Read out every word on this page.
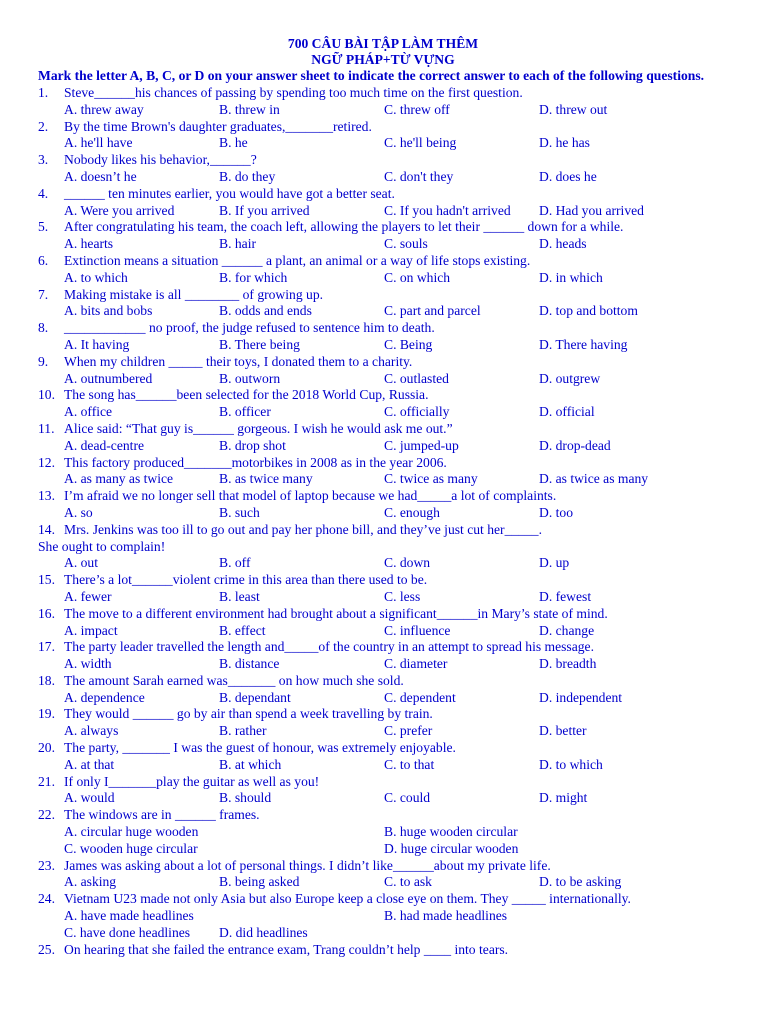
700 CÂU BÀI TẬP LÀM THÊM
NGỮ PHÁP+TỪ VỰNG
Mark the letter A, B, C, or D on your answer sheet to indicate the correct answer to each of the following questions.
1.	Steve______his chances of passing by spending too much time on the first question.
A. threw away	B. threw in	C. threw off	D. threw out
2.	By the time Brown's daughter graduates,_______retired.
A. he'll have	B. he	C. he'll being	D. he has
3.	Nobody likes his behavior,______?
A. doesn’t he	B. do they	C. don't they	D. does he
4.	______ ten minutes earlier, you would have got a better seat.
A. Were you arrived	B. If you arrived	C. If you hadn't arrived	D. Had you arrived
5.	After congratulating his team, the coach left, allowing the players to let their ______ down for a while.
A. hearts	B. hair	C. souls	D. heads
6.	Extinction means a situation ______ a plant, an animal or a way of life stops existing.
A. to which	B. for which	C. on which	D. in which
7.	Making mistake is all ________ of growing up.
A. bits and bobs	B. odds and ends	C. part and parcel	D. top and bottom
8.	____________ no proof, the judge refused to sentence him to death.
A. It having	B. There being	C. Being	D. There having
9.	When my children _____ their toys, I donated them to a charity.
A. outnumbered	B. outworn	C. outlasted	D. outgrew
10. The song has______been selected for the 2018 World Cup, Russia.
A. office	B. officer	C. officially	D. official
11. Alice said: “That guy is______ gorgeous. I wish he would ask me out.”
A. dead-centre	B. drop shot	C. jumped-up	D. drop-dead
12. This factory produced_______motorbikes in 2008 as in the year 2006.
A. as many as twice	B. as twice many	C. twice as many	D. as twice as many
13. I’m afraid we no longer sell that model of laptop because we had_____a lot of complaints.
A. so	B. such	C. enough	D. too
14. Mrs. Jenkins was too ill to go out and pay her phone bill, and they’ve just cut her_____.
She ought to complain!
A. out	B. off	C. down	D. up
15. There’s a lot______violent crime in this area than there used to be.
A. fewer	B. least	C. less	D. fewest
16. The move to a different environment had brought about a significant______in Mary’s state of mind.
A. impact	B. effect	C. influence	D. change
17. The party leader travelled the length and_____of the country in an attempt to spread his message.
A. width	B. distance	C. diameter	D. breadth
18. The amount Sarah earned was_______ on how much she sold.
A. dependence	B. dependant	C. dependent	D. independent
19. They would ______ go by air than spend a week travelling by train.
A. always	B. rather	C. prefer	D. better
20. The party, _______ I was the guest of honour, was extremely enjoyable.
A. at that	B. at which	C. to that	D. to which
21. If only I_______play the guitar as well as you!
A. would	B. should	C. could	D. might
22. The windows are in ______ frames.
A. circular huge wooden	B. huge wooden circular
C. wooden huge circular	D. huge circular wooden
23. James was asking about a lot of personal things. I didn’t like______about my private life.
A. asking	B. being asked	C. to ask	D. to be asking
24. Vietnam U23 made not only Asia but also Europe keep a close eye on them. They _____ internationally.
A. have made headlines	B. had made headlines
C. have done headlines	D. did headlines
25. On hearing that she failed the entrance exam, Trang couldn’t help ____ into tears.
